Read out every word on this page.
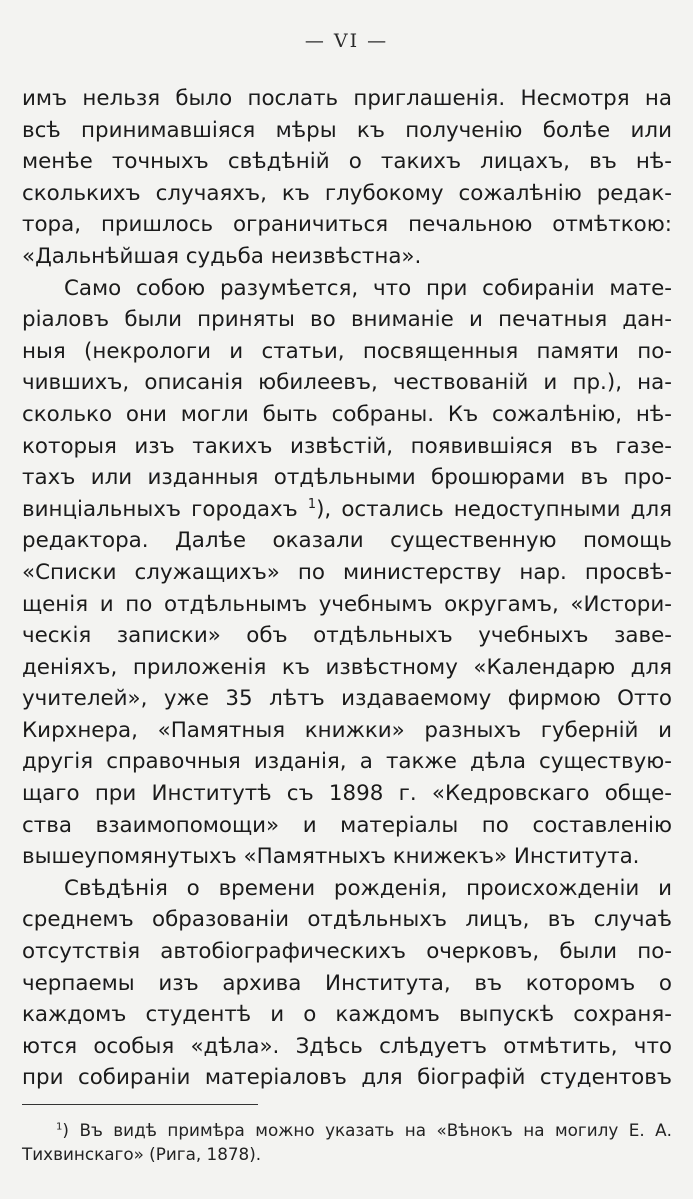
— VI —
имъ нельзя было послать приглашенія. Несмотря на
всѣ принимавшіяся мѣры къ полученію болѣе или
менѣе точныхъ свѣдѣній о такихъ лицахъ, въ нѣ-
сколькихъ случаяхъ, къ глубокому сожалѣнію редак-
тора, пришлось ограничиться печальною отмѣткою:
«Дальнѣйшая судьба неизвѣстна».
Само собою разумѣется, что при собираніи мате-
ріаловъ были приняты во вниманіе и печатныя дан-
ныя (некрологи и статьи, посвященныя памяти по-
чившихъ, описанія юбилеевъ, чествованій и пр.), на-
сколько они могли быть собраны. Къ сожалѣнію, нѣ-
которыя изъ такихъ извѣстій, появившіяся въ газе-
тахъ или изданныя отдѣльными брошюрами въ про-
винціальныхъ городахъ $^1$), остались недоступными для
редактора. Далѣе оказали существенную помощь
«Списки служащихъ» по министерству нар. просвѣ-
щенія и по отдѣльнымъ учебнымъ округамъ, «Истори-
ческія записки» объ отдѣльныхъ учебныхъ заве-
деніяхъ, приложенія къ извѣстному «Календарю для
учителей», уже 35 лѣтъ издаваемому фирмою Отто
Кирхнера, «Памятныя книжки» разныхъ губерній и
другія справочныя изданія, а также дѣла существую-
щаго при Институтѣ съ 1898 г. «Кедровскаго обще-
ства взаимопомощи» и матеріалы по составленію
вышеупомянутыхъ «Памятныхъ книжекъ» Института.
Свѣдѣнія о времени рожденія, происхожденіи и
среднемъ образованіи отдѣльныхъ лицъ, въ случаѣ
отсутствія автобіографическихъ очерковъ, были по-
черпаемы изъ архива Института, въ которомъ о
каждомъ студентѣ и о каждомъ выпускѣ сохраня-
ются особыя «дѣла». Здѣсь слѣдуетъ отмѣтить, что
при собираніи матеріаловъ для біографій студентовъ
$^1$) Въ видѣ примѣра можно указать на «Вѣнокъ на могилу Е. А.
Тихвинскаго» (Рига, 1878).
